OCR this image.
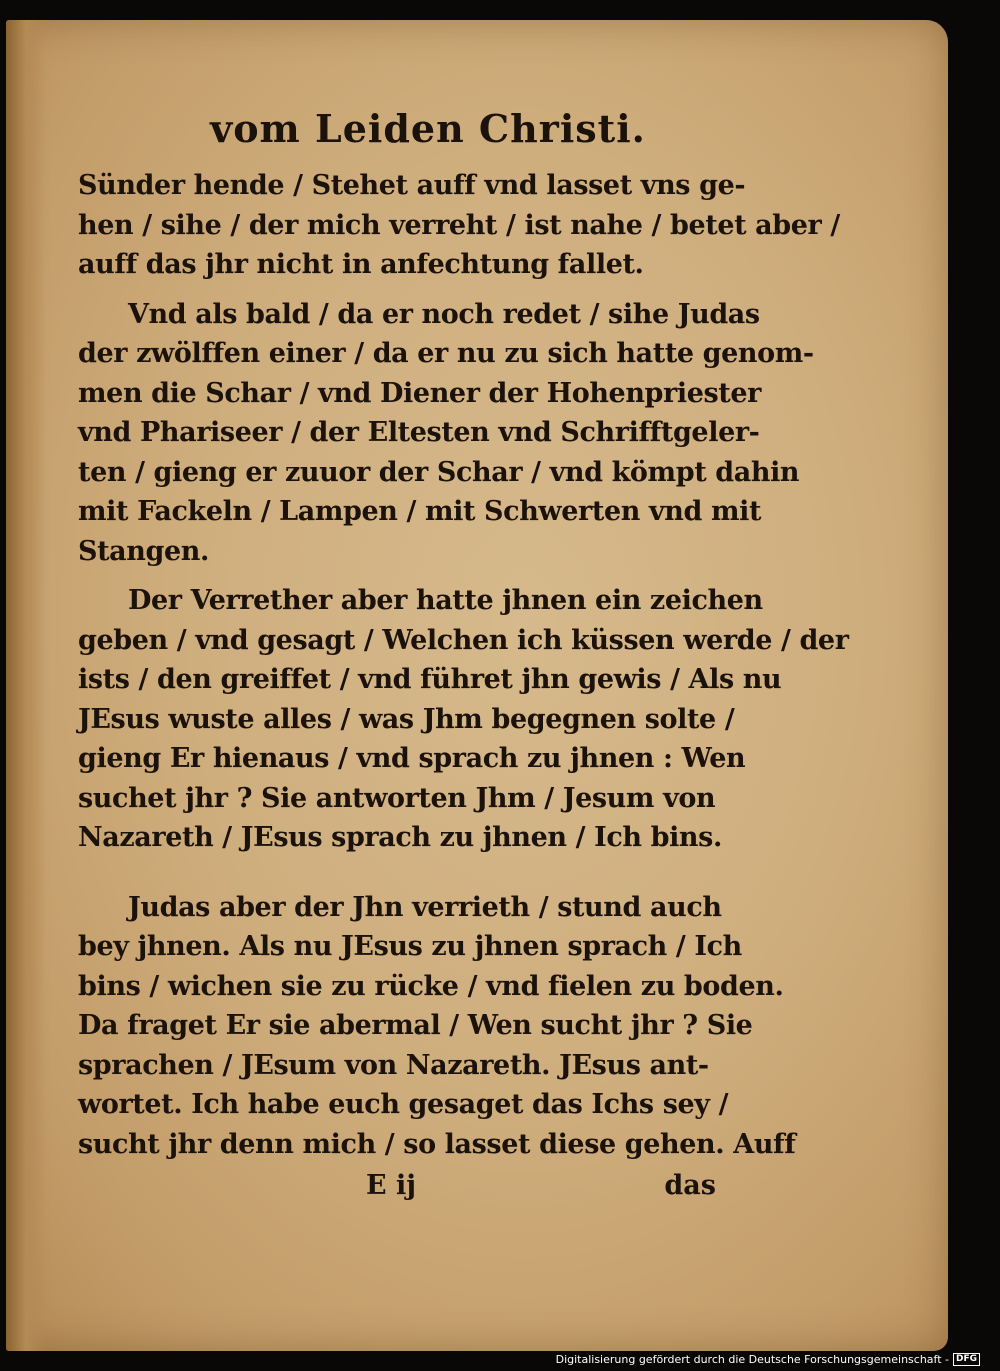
vom Leiden Christi.
Sünder hende / Stehet auff vnd lasset vns ge-
hen / sihe / der mich verreht / ist nahe / betet aber /
auff das jhr nicht in anfechtung fallet.
Vnd als bald / da er noch redet / sihe Judas
der zwölffen einer / da er nu zu sich hatte genom-
men die Schar / vnd Diener der Hohenpriester
vnd Phariseer / der Eltesten vnd Schrifftgeler-
ten / gieng er zuuor der Schar / vnd kömpt dahin
mit Fackeln / Lampen / mit Schwerten vnd mit
Stangen.
Der Verrether aber hatte jhnen ein zeichen
geben / vnd gesagt / Welchen ich küssen werde / der
ists / den greiffet / vnd führet jhn gewis / Als nu
JEsus wuste alles / was Jhm begegnen solte /
gieng Er hienaus / vnd sprach zu jhnen : Wen
suchet jhr ? Sie antworten Jhm / Jesum von
Nazareth / JEsus sprach zu jhnen / Ich bins.
Judas aber der Jhn verrieth / stund auch
bey jhnen. Als nu JEsus zu jhnen sprach / Ich
bins / wichen sie zu rücke / vnd fielen zu boden.
Da fraget Er sie abermal / Wen sucht jhr ? Sie
sprachen / JEsum von Nazareth. JEsus ant-
wortet. Ich habe euch gesaget das Ichs sey /
sucht jhr denn mich / so lasset diese gehen. Auff
E ij	das
Digitalisierung gefördert durch die Deutsche Forschungsgemeinschaft - DFG
